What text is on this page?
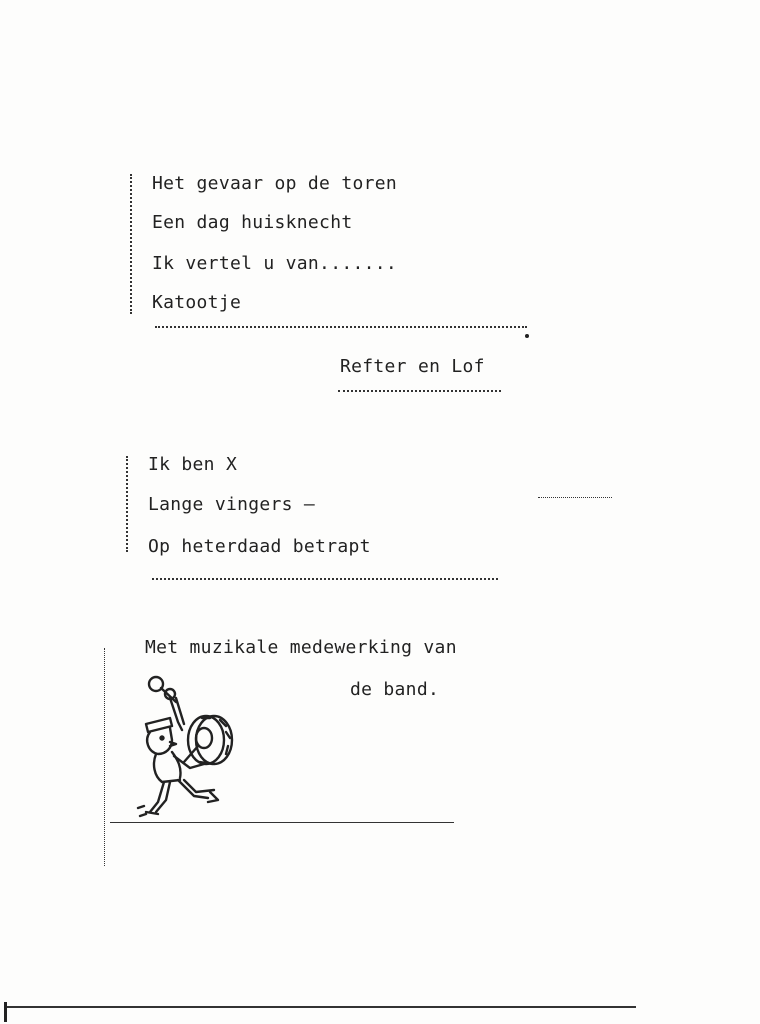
Het gevaar op de toren
Een dag huisknecht
Ik vertel u van.......
Katootje
Refter en Lof
Ik ben X
Lange vingers —
Op heterdaad betrapt
Met muzikale medewerking van
de band.
